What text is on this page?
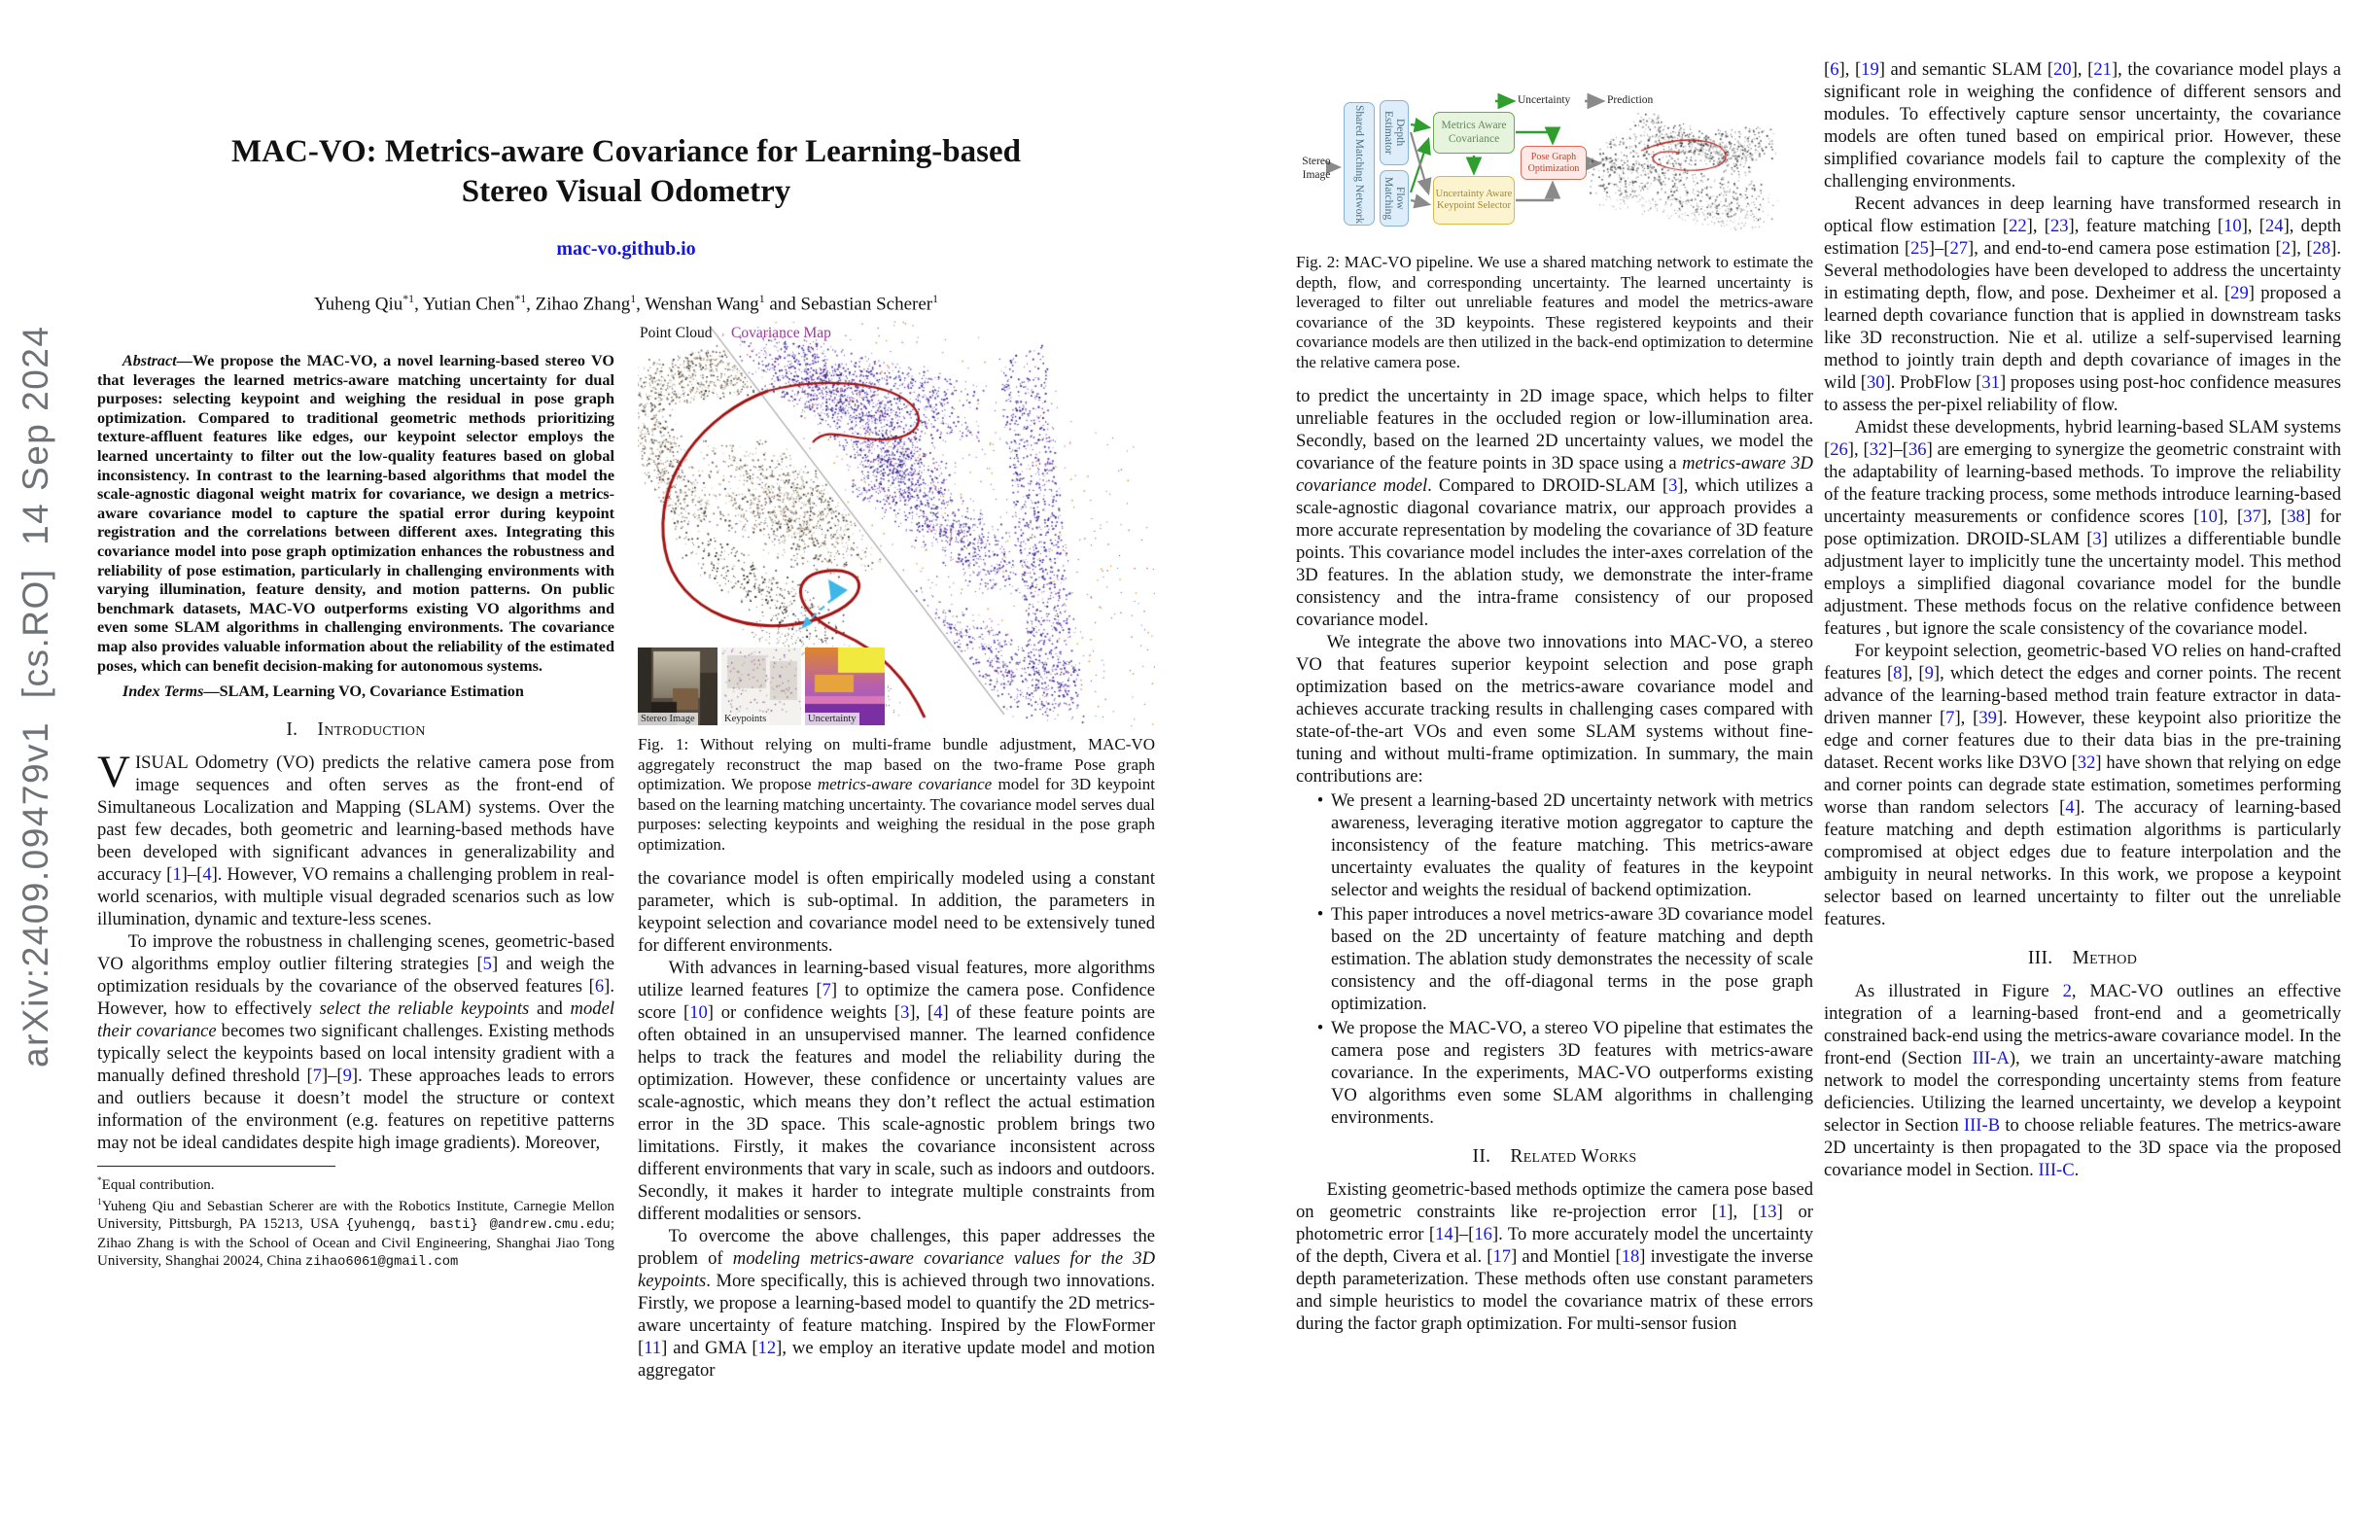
arXiv:2409.09479v1  [cs.RO]  14 Sep 2024
MAC-VO: Metrics-aware Covariance for Learning-based
Stereo Visual Odometry

mac-vo.github.io
Yuheng Qiu$^{*1}$, Yutian Chen$^{*1}$, Zihao Zhang$^1$, Wenshan Wang$^1$ and Sebastian Scherer$^1$

Abstract—We propose the MAC-VO, a novel learning-based stereo VO that leverages the learned metrics-aware matching uncertainty for dual purposes: selecting keypoint and weighing the residual in pose graph optimization. Compared to traditional geometric methods prioritizing texture-affluent features like edges, our keypoint selector employs the learned uncertainty to filter out the low-quality features based on global inconsistency. In contrast to the learning-based algorithms that model the scale-agnostic diagonal weight matrix for covariance, we design a metrics-aware covariance model to capture the spatial error during keypoint registration and the correlations between different axes. Integrating this covariance model into pose graph optimization enhances the robustness and reliability of pose estimation, particularly in challenging environments with varying illumination, feature density, and motion patterns. On public benchmark datasets, MAC-VO outperforms existing VO algorithms and even some SLAM algorithms in challenging environments. The covariance map also provides valuable information about the reliability of the estimated poses, which can benefit decision-making for autonomous systems.

Index Terms—SLAM, Learning VO, Covariance Estimation

I.  Introduction

VISUAL Odometry (VO) predicts the relative camera pose from image sequences and often serves as the front-end of Simultaneous Localization and Mapping (SLAM) systems. Over the past few decades, both geometric and learning-based methods have been developed with significant advances in generalizability and accuracy [1]–[4]. However, VO remains a challenging problem in real-world scenarios, with multiple visual degraded scenarios such as low illumination, dynamic and texture-less scenes.

To improve the robustness in challenging scenes, geometric-based VO algorithms employ outlier filtering strategies [5] and weigh the optimization residuals by the covariance of the observed features [6]. However, how to effectively select the reliable keypoints and model their covariance becomes two significant challenges. Existing methods typically select the keypoints based on local intensity gradient with a manually defined threshold [7]–[9]. These approaches leads to errors and outliers because it doesn’t model the structure or context information of the environment (e.g. features on repetitive patterns may not be ideal candidates despite high image gradients). Moreover,

*Equal contribution.

$^1$Yuheng Qiu and Sebastian Scherer are with the Robotics Institute, Carnegie Mellon University, Pittsburgh, PA 15213, USA {yuhengq, basti} @andrew.cmu.edu; Zihao Zhang is with the School of Ocean and Civil Engineering, Shanghai Jiao Tong University, Shanghai 20024, China zihao6061@gmail.com

Point Cloud Covariance Map
Stereo Image	Keypoints	Uncertainty

Fig. 1: Without relying on multi-frame bundle adjustment, MAC-VO aggregately reconstruct the map based on the two-frame Pose graph optimization. We propose metrics-aware covariance model for 3D keypoint based on the learning matching uncertainty. The covariance model serves dual purposes: selecting keypoints and weighing the residual in the pose graph optimization.

the covariance model is often empirically modeled using a constant parameter, which is sub-optimal. In addition, the parameters in keypoint selection and covariance model need to be extensively tuned for different environments.

With advances in learning-based visual features, more algorithms utilize learned features [7] to optimize the camera pose. Confidence score [10] or confidence weights [3], [4] of these feature points are often obtained in an unsupervised manner. The learned confidence helps to track the features and model the reliability during the optimization. However, these confidence or uncertainty values are scale-agnostic, which means they don’t reflect the actual estimation error in the 3D space. This scale-agnostic problem brings two limitations. Firstly, it makes the covariance inconsistent across different environments that vary in scale, such as indoors and outdoors. Secondly, it makes it harder to integrate multiple constraints from different modalities or sensors.

To overcome the above challenges, this paper addresses the problem of modeling metrics-aware covariance values for the 3D keypoints. More specifically, this is achieved through two innovations. Firstly, we propose a learning-based model to quantify the 2D metrics-aware uncertainty of feature matching. Inspired by the FlowFormer [11] and GMA [12], we employ an iterative update model and motion aggregator

Uncertainty	Prediction
Stereo Image	Shared Matching Network	Depth Estimator
Flow Matching
Metrics Aware Covariance
Uncertainty Aware Keypoint Selector
Pose Graph Optimization

Fig. 2: MAC-VO pipeline. We use a shared matching network to estimate the depth, flow, and corresponding uncertainty. The learned uncertainty is leveraged to filter out unreliable features and model the metrics-aware covariance of the 3D keypoints. These registered keypoints and their covariance models are then utilized in the back-end optimization to determine the relative camera pose.

to predict the uncertainty in 2D image space, which helps to filter unreliable features in the occluded region or low-illumination area. Secondly, based on the learned 2D uncertainty values, we model the covariance of the feature points in 3D space using a metrics-aware 3D covariance model. Compared to DROID-SLAM [3], which utilizes a scale-agnostic diagonal covariance matrix, our approach provides a more accurate representation by modeling the covariance of 3D feature points. This covariance model includes the inter-axes correlation of the 3D features. In the ablation study, we demonstrate the inter-frame consistency and the intra-frame consistency of our proposed covariance model.

We integrate the above two innovations into MAC-VO, a stereo VO that features superior keypoint selection and pose graph optimization based on the metrics-aware covariance model and achieves accurate tracking results in challenging cases compared with state-of-the-art VOs and even some SLAM systems without fine-tuning and without multi-frame optimization. In summary, the main contributions are:

• We present a learning-based 2D uncertainty network with metrics awareness, leveraging iterative motion aggregator to capture the inconsistency of the feature matching. This metrics-aware uncertainty evaluates the quality of features in the keypoint selector and weights the residual of backend optimization.
• This paper introduces a novel metrics-aware 3D covariance model based on the 2D uncertainty of feature matching and depth estimation. The ablation study demonstrates the necessity of scale consistency and the off-diagonal terms in the pose graph optimization.
• We propose the MAC-VO, a stereo VO pipeline that estimates the camera pose and registers 3D features with metrics-aware covariance. In the experiments, MAC-VO outperforms existing VO algorithms even some SLAM algorithms in challenging environments.
II.  Related Works

Existing geometric-based methods optimize the camera pose based on geometric constraints like re-projection error [1], [13] or photometric error [14]–[16]. To more accurately model the uncertainty of the depth, Civera et al. [17] and Montiel [18] investigate the inverse depth parameterization. These methods often use constant parameters and simple heuristics to model the covariance matrix of these errors during the factor graph optimization. For multi-sensor fusion

[6], [19] and semantic SLAM [20], [21], the covariance model plays a significant role in weighing the confidence of different sensors and modules. To effectively capture sensor uncertainty, the covariance models are often tuned based on empirical prior. However, these simplified covariance models fail to capture the complexity of the challenging environments.

Recent advances in deep learning have transformed research in optical flow estimation [22], [23], feature matching [10], [24], depth estimation [25]–[27], and end-to-end camera pose estimation [2], [28]. Several methodologies have been developed to address the uncertainty in estimating depth, flow, and pose. Dexheimer et al. [29] proposed a learned depth covariance function that is applied in downstream tasks like 3D reconstruction. Nie et al. utilize a self-supervised learning method to jointly train depth and depth covariance of images in the wild [30]. ProbFlow [31] proposes using post-hoc confidence measures to assess the per-pixel reliability of flow.

Amidst these developments, hybrid learning-based SLAM systems [26], [32]–[36] are emerging to synergize the geometric constraint with the adaptability of learning-based methods. To improve the reliability of the feature tracking process, some methods introduce learning-based uncertainty measurements or confidence scores [10], [37], [38] for pose optimization. DROID-SLAM [3] utilizes a differentiable bundle adjustment layer to implicitly tune the uncertainty model. This method employs a simplified diagonal covariance model for the bundle adjustment. These methods focus on the relative confidence between features , but ignore the scale consistency of the covariance model.

For keypoint selection, geometric-based VO relies on hand-crafted features [8], [9], which detect the edges and corner points. The recent advance of the learning-based method train feature extractor in data-driven manner [7], [39]. However, these keypoint also prioritize the edge and corner features due to their data bias in the pre-training dataset. Recent works like D3VO [32] have shown that relying on edge and corner points can degrade state estimation, sometimes performing worse than random selectors [4]. The accuracy of learning-based feature matching and depth estimation algorithms is particularly compromised at object edges due to feature interpolation and the ambiguity in neural networks. In this work, we propose a keypoint selector based on learned uncertainty to filter out the unreliable features.

III.  Method

As illustrated in Figure 2, MAC-VO outlines an effective integration of a learning-based front-end and a geometrically constrained back-end using the metrics-aware covariance model. In the front-end (Section III-A), we train an uncertainty-aware matching network to model the corresponding uncertainty stems from feature deficiencies. Utilizing the learned uncertainty, we develop a keypoint selector in Section III-B to choose reliable features. The metrics-aware 2D uncertainty is then propagated to the 3D space via the proposed covariance model in Section. III-C.
